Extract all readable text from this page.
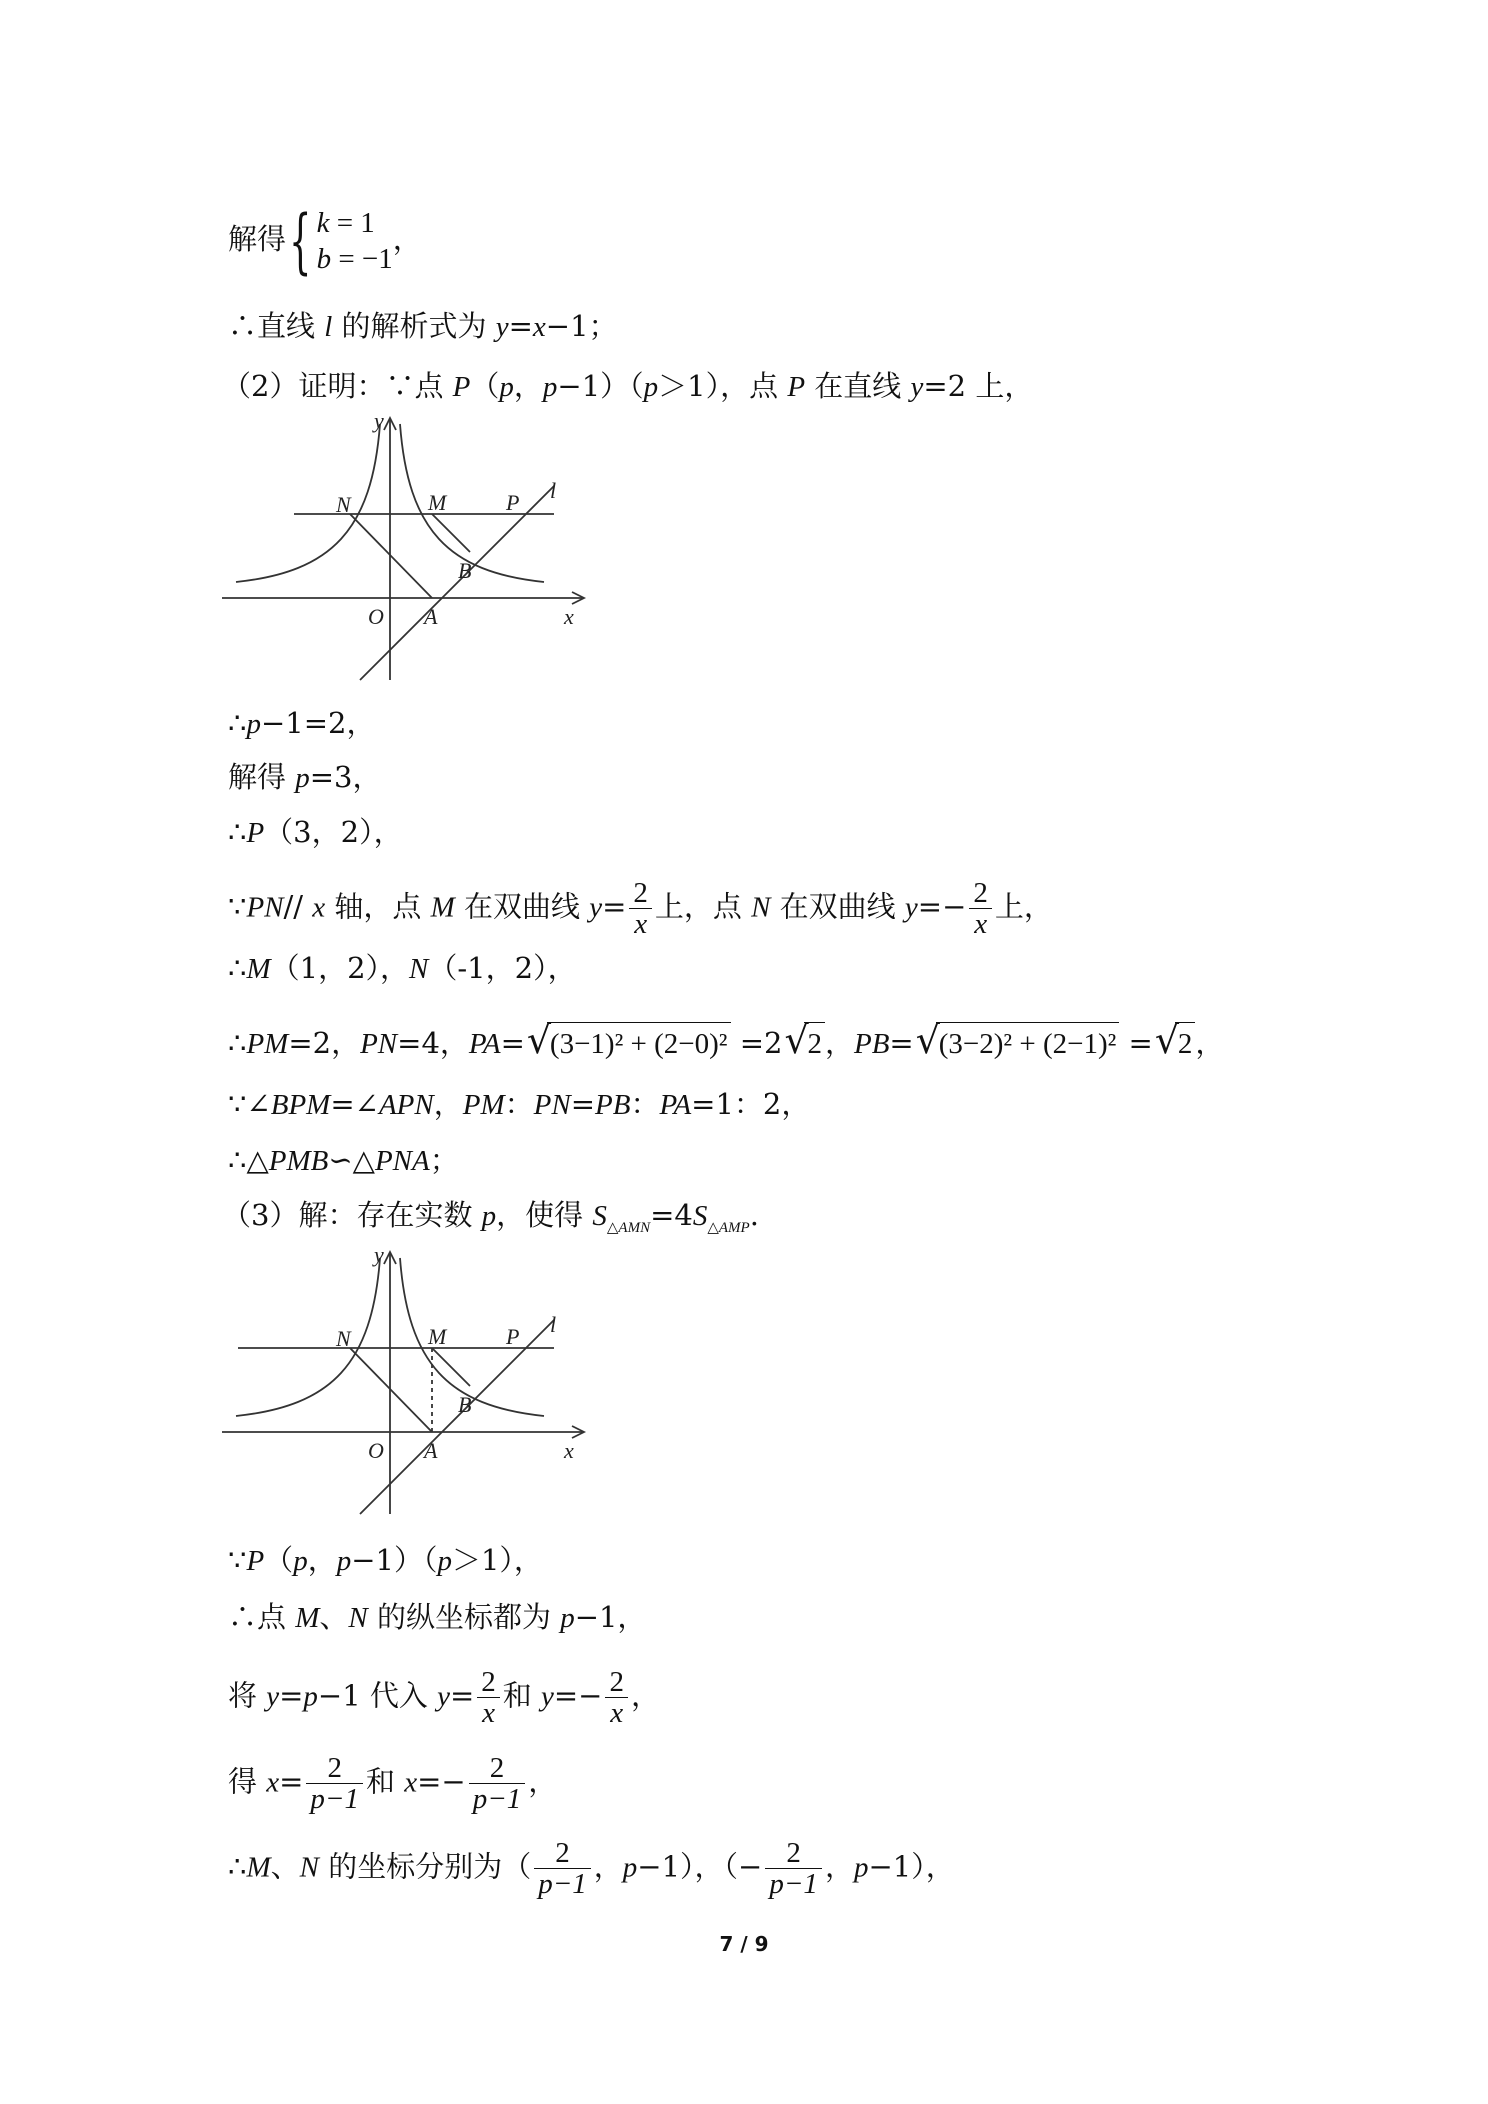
解得{ k = 1
b = −1
，
∴直线 l 的解析式为 y=x−1；
（2）证明：∵点 P（p，p−1）（p＞1），点 P 在直线 y=2 上，
y
N	M	P l
B
O A	x
∴p−1=2，
解得 p=3，
∴P（3，2），
∵PN// x 轴，点 M 在双曲线 $y= \frac{2}{x}$ 上，点 N 在双曲线 $y=- \frac{2}{x}$ 上，
∴M（1，2），N（-1，2），
∴PM=2，PN=4，PA= √
(3−1)² + (2−0)² =2 √
2 ，PB= √
(3−2)² + (2−1)² = √
2 ，
∵∠BPM=∠APN，PM：PN=PB：PA=1：2，
∴△PMB∽△PNA；
（3）解：存在实数 p，使得 $S_{\triangle AMN}=4S_{\triangle AMP}$.
y
N	M	P l
B
O A	x
∵P（p，p−1）（p＞1），
∴点 M、N 的纵坐标都为 p−1，
将 y=p−1 代入 $y= \frac{2}{x}$ 和 $y=- \frac{2}{x}$ ，
得 $x= \frac{2}{p-1}$ 和 $x=- \frac{2}{p-1}$ ，
∴M、N 的坐标分别为（ $\frac{2}{p-1}$ ，p−1），（− $\frac{2}{p-1}$ ，p−1），
7 / 9
